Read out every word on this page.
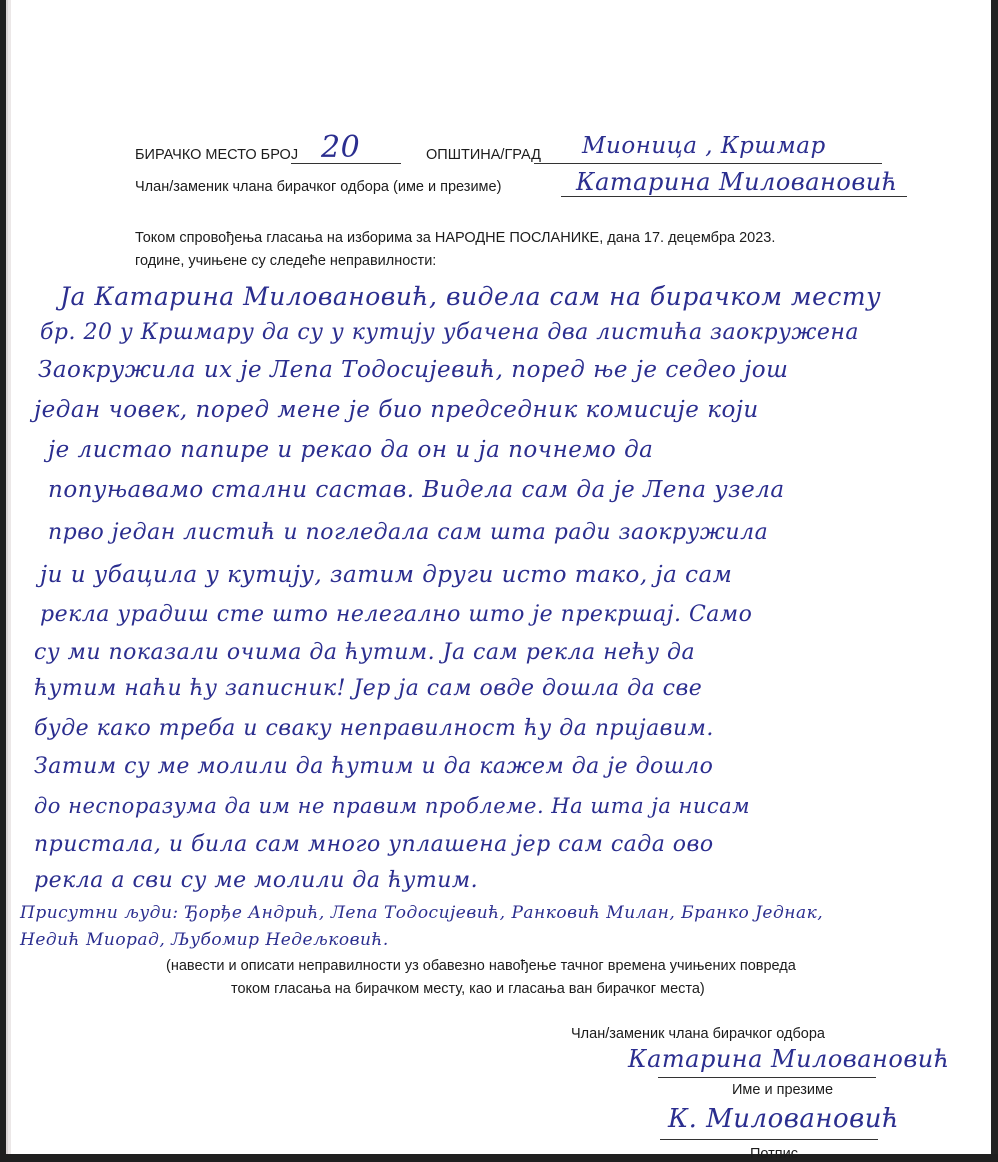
БИРАЧКО МЕСТО БРОЈ 20	ОПШТИНА/ГРАД Мионица , Кршмар
Члан/заменик члана бирачког одбора (име и презиме)	Катарина Миловановић
Током спровођења гласања на изборима за НАРОДНЕ ПОСЛАНИКЕ, дана 17. децембра 2023.
године, учињене су следеће неправилности:
Ја Катарина Миловановић, видела сам на бирачком месту
бр. 20 у Кршмару да су у кутију убачена два листића заокружена
Заокружила их је Лепа Тодосијевић, поред ње је седео још
један човек, поред мене је био председник комисије који
је листао папире и рекао да он и ја почнемо да
попуњавамо стални састав. Видела сам да је Лепа узела
прво један листић и погледала сам шта ради заокружила
ји и убацила у кутију, затим други исто тако, ја сам
рекла урадиш сте што нелегално што је прекршај. Само
су ми показали очима да ћутим. Ја сам рекла нећу да
ћутим наћи ћу записник! Јер ја сам овде дошла да све
буде како треба и сваку неправилност ћу да пријавим.
Затим су ме молили да ћутим и да кажем да је дошло
до неспоразума да им не правим проблеме. На шта ја нисам
пристала, и била сам много уплашена јер сам сада ово
рекла а сви су ме молили да ћутим.
Присутни људи: Ђорђе Андрић, Лепа Тодосијевић, Ранковић Милан, Бранко Једнак,
Недић Миорад, Љубомир Недељковић.
(навести и описати неправилности уз обавезно навођење тачног времена учињених повреда
током гласања на бирачком месту, као и гласања ван бирачког места)
Члан/заменик члана бирачког одбора
Катарина Миловановић
Име и презиме
К. Миловановић
Потпис
